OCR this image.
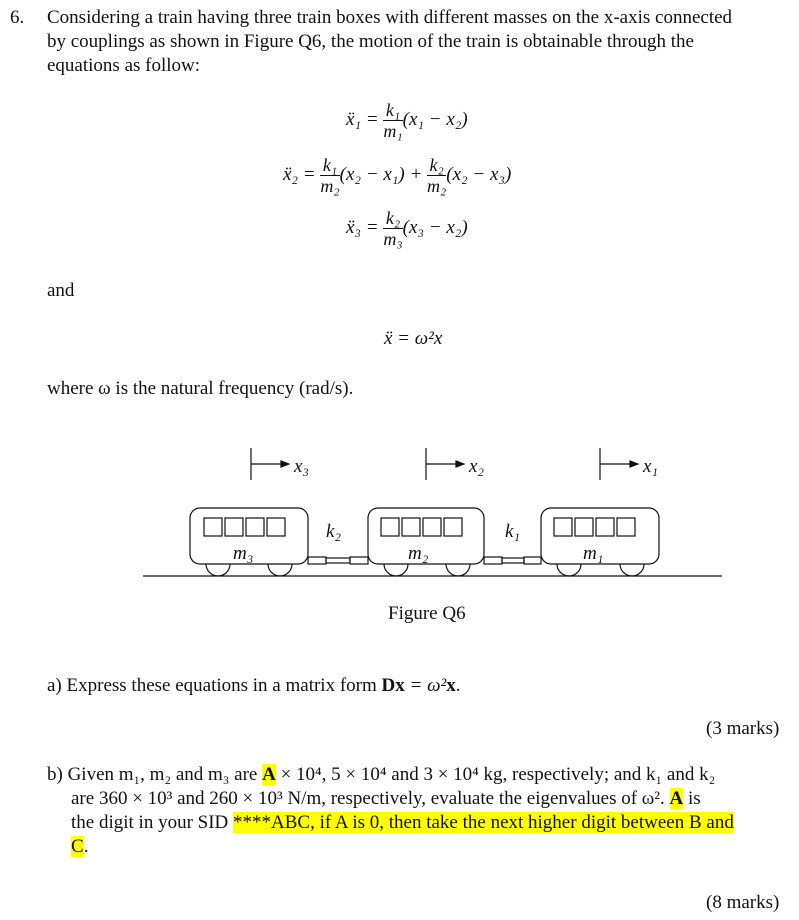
6. Considering a train having three train boxes with different masses on the x-axis connected
by couplings as shown in Figure Q6, the motion of the train is obtainable through the
equations as follow:
ẍ₁ = $\frac{\text{k₁}}{\text{m₁}} (x_1 - x_2)$
ẍ₂ = $\frac{\text{k₁}}{\text{m₂}} (x_2 - x_1) + \frac{\text{k₂}}{\text{m₂}} (x_2 - x_3)$
ẍ₃ = $\frac{\text{k₂}}{\text{m₃}} (x_3 - x_2)$
and
ẍ = ω²x
where ω is the natural frequency (rad/s).
x₃	x₂	x₁
m₃	m₂	m₁
k₂	k₁
Figure Q6
a) Express these equations in a matrix form Dx = ω²x.
(3 marks)
b) Given m₁, m₂ and m₃ are A × 10⁴, 5 × 10⁴ and 3 × 10⁴ kg, respectively; and k₁ and k₂
are 360 × 10³ and 260 × 10³ N/m, respectively, evaluate the eigenvalues of ω². A is
the digit in your SID ****ABC, if A is 0, then take the next higher digit between B and
C.
(8 marks)
